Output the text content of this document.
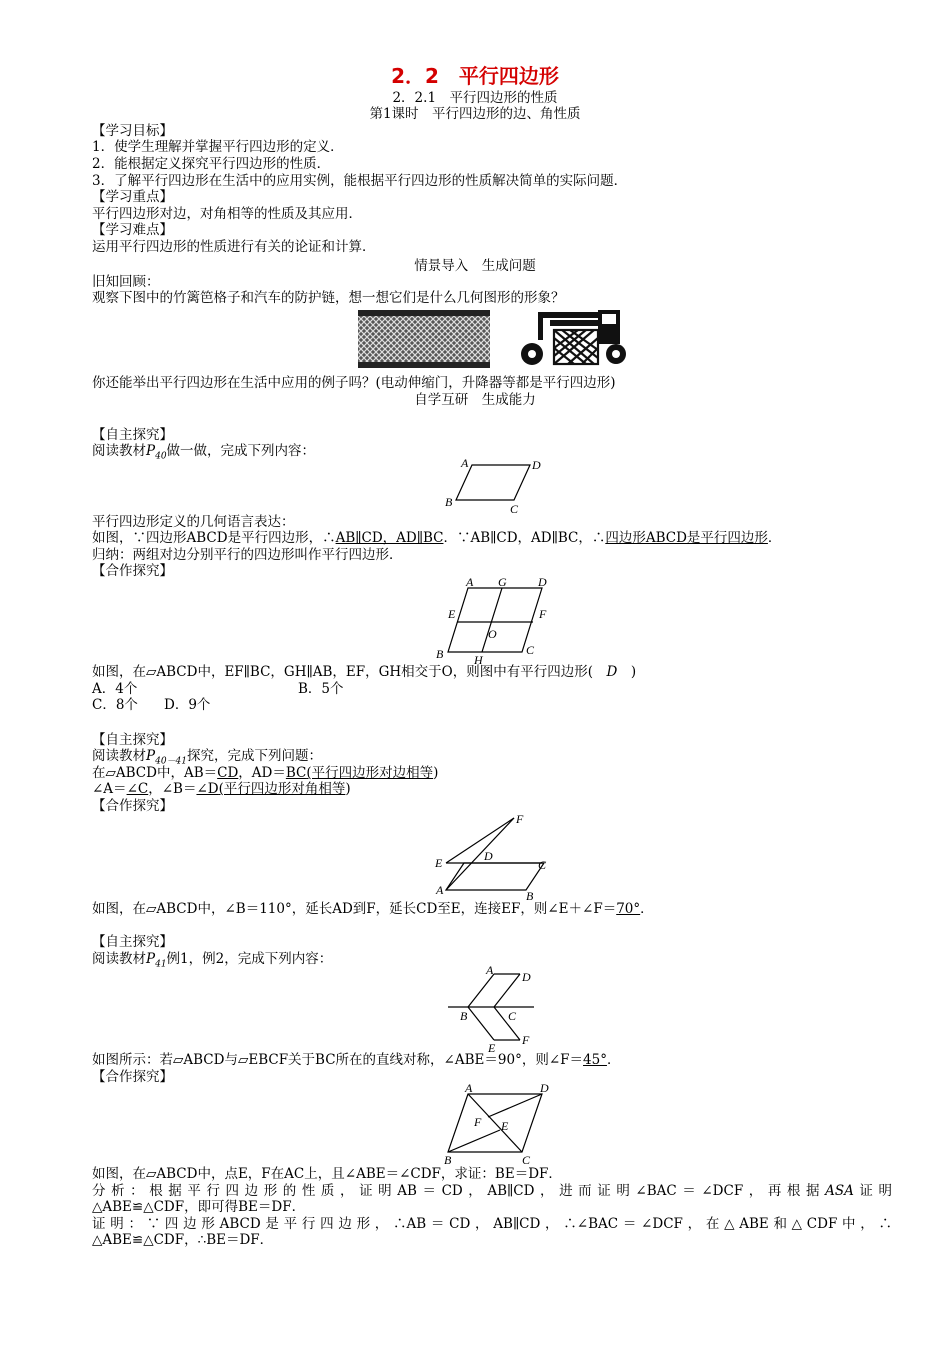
2．2　平行四边形
2．2.1　平行四边形的性质
第1课时　平行四边形的边、角性质
【学习目标】
1．使学生理解并掌握平行四边形的定义．
2．能根据定义探究平行四边形的性质．
3．了解平行四边形在生活中的应用实例，能根据平行四边形的性质解决简单的实际问题．
【学习重点】
平行四边形对边，对角相等的性质及其应用．
【学习难点】
运用平行四边形的性质进行有关的论证和计算．
情景导入　生成问题
旧知回顾：
观察下图中的竹篱笆格子和汽车的防护链，想一想它们是什么几何图形的形象？
你还能举出平行四边形在生活中应用的例子吗？(电动伸缩门，升降器等都是平行四边形)
自学互研　生成能力
【自主探究】
阅读教材$P_{40}$做一做，完成下列内容：
A	D
B	C
平行四边形定义的几何语言表达：
如图，∵四边形ABCD是平行四边形，∴AB∥CD，AD∥BC．∵AB∥CD，AD∥BC，∴四边形ABCD是平行四边形．
归纳：两组对边分别平行的四边形叫作平行四边形．
【合作探究】
A G	D
E	F
O
B	H
C
如图，在▱ABCD中，EF∥BC，GH∥AB，EF，GH相交于O，则图中有平行四边形(　D　)
A．4个	B．5个
C．8个 D．9个
【自主探究】
阅读教材$P_{40-41}$探究，完成下列问题：
在▱ABCD中，AB＝CD，AD＝BC(平行四边形对边相等)
∠A＝∠C，∠B＝∠D(平行四边形对角相等)
【合作探究】
F
D
E	C
A	B
如图，在▱ABCD中，∠B＝110°，延长AD到F，延长CD至E，连接EF，则∠E＋∠F＝70°．
【自主探究】
阅读教材$P_{41}$例1，例2，完成下列内容：
A D
B	C
E
F
如图所示：若▱ABCD与▱EBCF关于BC所在的直线对称，∠ABE＝90°，则∠F＝45°．
【合作探究】
A	D
F E
B	C
如图，在▱ABCD中，点E，F在AC上，且∠ABE＝∠CDF，求证：BE＝DF．
分析：根据平行四边形的性质，证明AB＝CD，AB∥CD，进而证明∠BAC＝∠DCF，再根据ASA证明
△ABE≌△CDF，即可得BE＝DF．
证明：∵四边形ABCD是平行四边形，∴AB＝CD，AB∥CD，∴∠BAC＝∠DCF，在△ABE和△CDF中，∴
△ABE≌△CDF，∴BE＝DF．
